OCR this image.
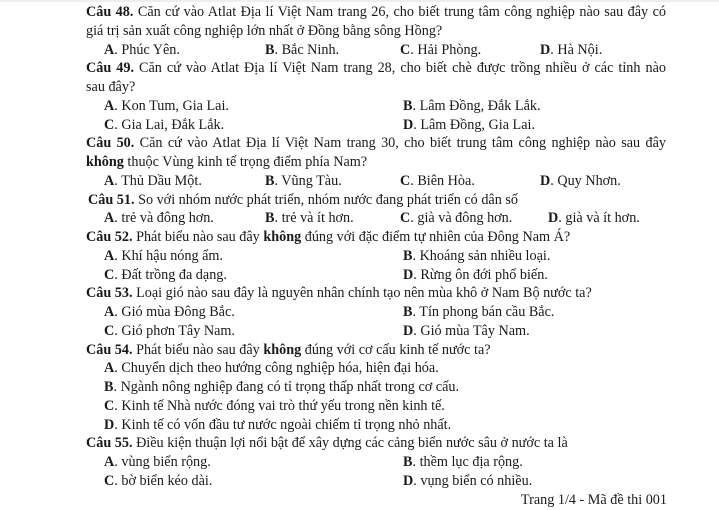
Câu 48. Căn cứ vào Atlat Địa lí Việt Nam trang 26, cho biết trung tâm công nghiệp nào sau đây có
giá trị sản xuất công nghiệp lớn nhất ở Đồng bằng sông Hồng?
A. Phúc Yên.	B. Bắc Ninh.	C. Hải Phòng.	D. Hà Nội.
Câu 49. Căn cứ vào Atlat Địa lí Việt Nam trang 28, cho biết chè được trồng nhiều ở các tỉnh nào
sau đây?
A. Kon Tum, Gia Lai.	B. Lâm Đồng, Đắk Lắk.
C. Gia Lai, Đắk Lắk.	D. Lâm Đồng, Gia Lai.
Câu 50. Căn cứ vào Atlat Địa lí Việt Nam trang 30, cho biết trung tâm công nghiệp nào sau đây
không thuộc Vùng kinh tế trọng điểm phía Nam?
A. Thủ Dầu Một.	B. Vũng Tàu.	C. Biên Hòa.	D. Quy Nhơn.
Câu 51. So với nhóm nước phát triển, nhóm nước đang phát triển có dân số
A. trẻ và đông hơn.	B. trẻ và ít hơn.	C. già và đông hơn.	D. già và ít hơn.
Câu 52. Phát biểu nào sau đây không đúng với đặc điểm tự nhiên của Đông Nam Á?
A. Khí hậu nóng ẩm.	B. Khoáng sản nhiều loại.
C. Đất trồng đa dạng.	D. Rừng ôn đới phổ biến.
Câu 53. Loại gió nào sau đây là nguyên nhân chính tạo nên mùa khô ở Nam Bộ nước ta?
A. Gió mùa Đông Bắc.	B. Tín phong bán cầu Bắc.
C. Gió phơn Tây Nam.	D. Gió mùa Tây Nam.
Câu 54. Phát biểu nào sau đây không đúng với cơ cấu kinh tế nước ta?
A. Chuyển dịch theo hướng công nghiệp hóa, hiện đại hóa.
B. Ngành nông nghiệp đang có tỉ trọng thấp nhất trong cơ cấu.
C. Kinh tế Nhà nước đóng vai trò thứ yếu trong nền kinh tế.
D. Kinh tế có vốn đầu tư nước ngoài chiếm tỉ trọng nhỏ nhất.
Câu 55. Điều kiện thuận lợi nổi bật để xây dựng các cảng biển nước sâu ở nước ta là
A. vùng biển rộng.	B. thềm lục địa rộng.
C. bờ biển kéo dài.	D. vụng biển có nhiều.
Trang 1/4 - Mã đề thi 001
